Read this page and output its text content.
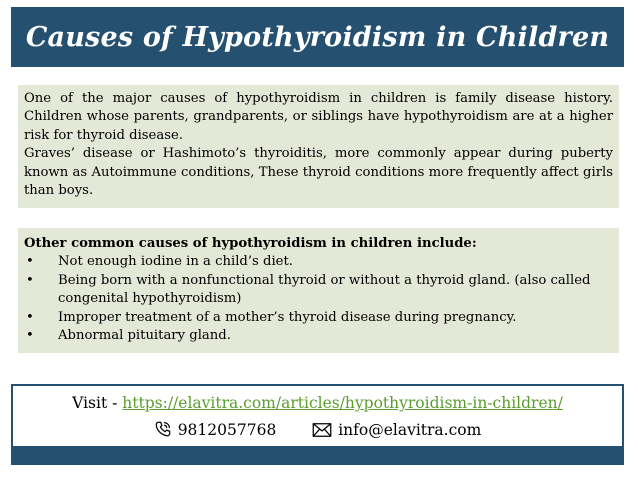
Causes of Hypothyroidism in Children

One of the major causes of hypothyroidism in children is family disease history. Children whose parents, grandparents, or siblings have hypothyroidism are at a higher risk for thyroid disease.

Graves’ disease or Hashimoto’s thyroiditis, more commonly appear during puberty known as Autoimmune conditions, These thyroid conditions more frequently affect girls than boys.

Other common causes of hypothyroidism in children include:

• Not enough iodine in a child’s diet.
• Being born with a nonfunctional thyroid or without a thyroid gland. (also called congenital hypothyroidism)
• Improper treatment of a mother’s thyroid disease during pregnancy.
• Abnormal pituitary gland.
Visit - https://elavitra.com/articles/hypothyroidism-in-children/
9812057768	info@elavitra.com
